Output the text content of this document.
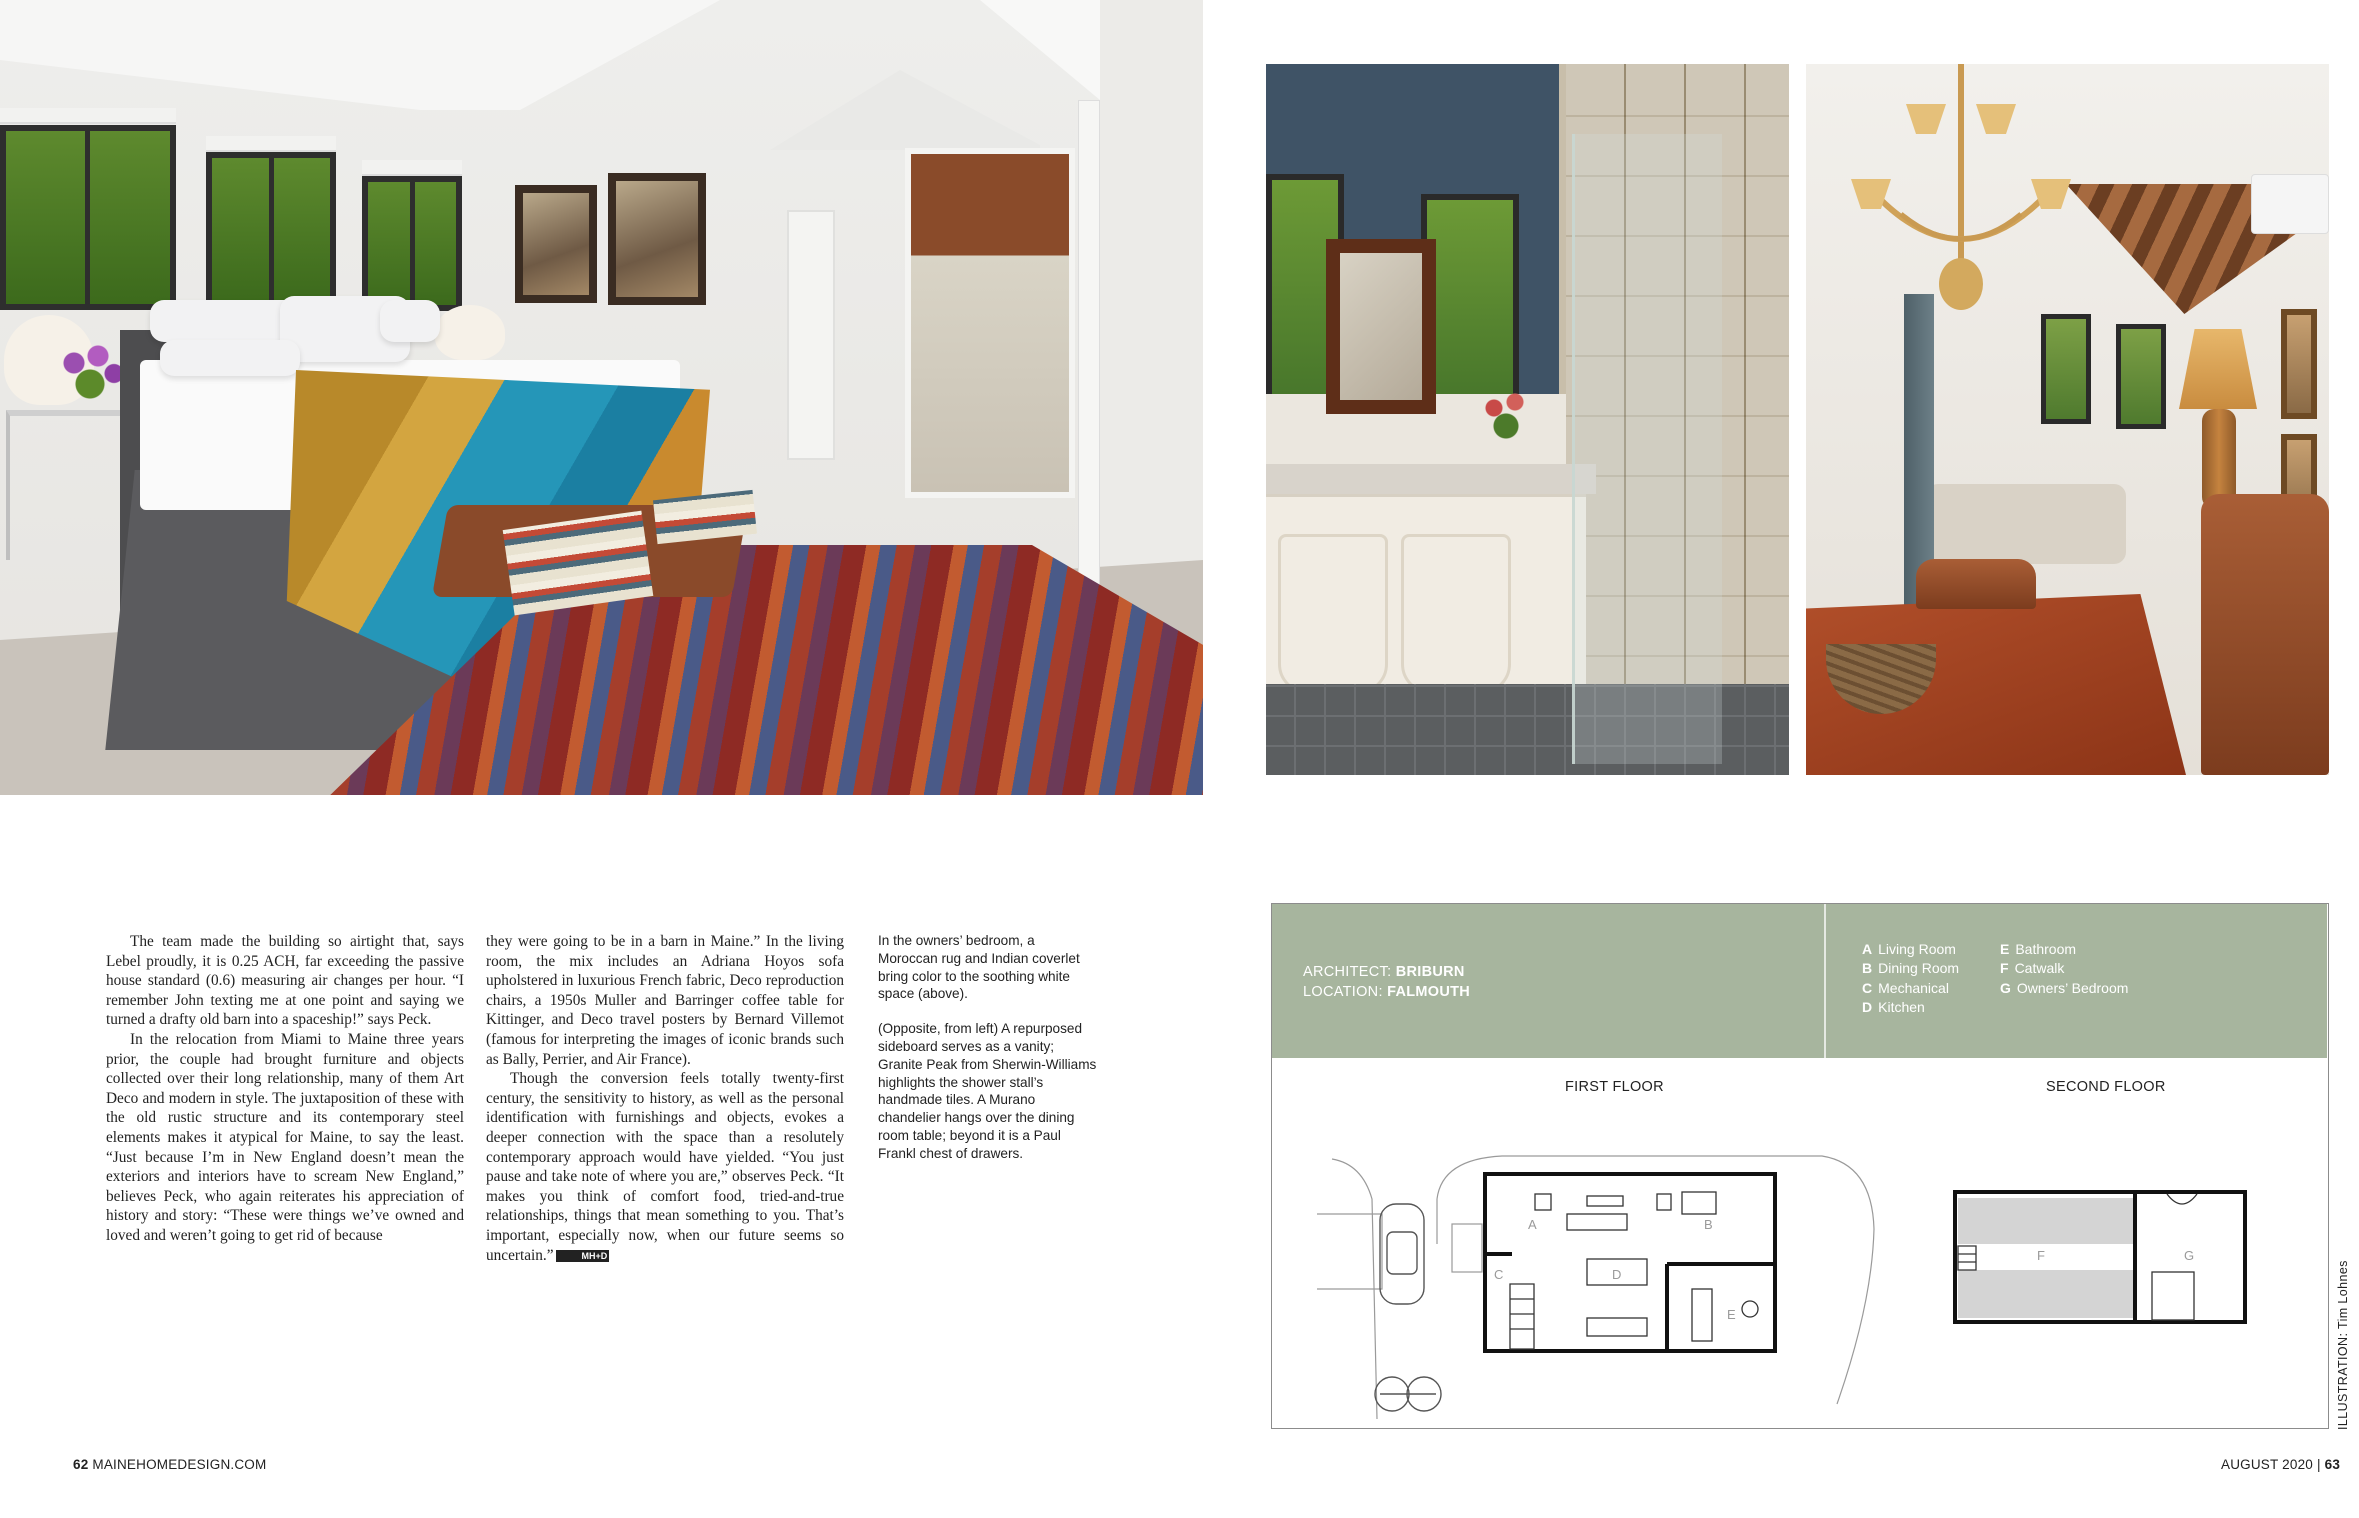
The team made the building so airtight that, says Lebel proudly, it is 0.25 ACH, far exceeding the passive house standard (0.6) measuring air changes per hour. “I remember John texting me at one point and saying we turned a drafty old barn into a spaceship!” says Peck.

In the relocation from Miami to Maine three years prior, the couple had brought furniture and objects collected over their long relationship, many of them Art Deco and modern in style. The juxtaposition of these with the old rustic structure and its contemporary steel elements makes it atypical for Maine, to say the least. “Just because I’m in New England doesn’t mean the exteriors and interiors have to scream New England,” believes Peck, who again reiterates his appreciation of history and story: “These were things we’ve owned and loved and weren’t going to get rid of because

they were going to be in a barn in Maine.” In the living room, the mix includes an Adriana Hoyos sofa upholstered in luxurious French fabric, Deco reproduction chairs, a 1950s Muller and Barringer coffee table for Kittinger, and Deco travel posters by Bernard Villemot (famous for interpreting the images of iconic brands such as Bally, Perrier, and Air France).

Though the conversion feels totally twenty-first century, the sensitivity to history, as well as the personal identification with furnishings and objects, evokes a deeper connection with the space than a resolutely contemporary approach would have yielded. “You just pause and take note of where you are,” observes Peck. “It makes you think of comfort food, tried-and-true relationships, things that mean something to you. That’s important, especially now, when our future seems so uncertain.”	MH+D

In the owners’ bedroom, a Moroccan rug and Indian coverlet bring color to the soothing white space (above).

(Opposite, from left) A repurposed sideboard serves as a vanity; Granite Peak from Sherwin-Williams highlights the shower stall’s handmade tiles. A Murano chandelier hangs over the dining room table; beyond it is a Paul Frankl chest of drawers.

ARCHITECT: BRIBURN
LOCATION: FALMOUTH
A Living Room
B Dining Room
C Mechanical
D Kitchen
E Bathroom
F Catwalk
G Owners’ Bedroom
FIRST FLOOR	SECOND FLOOR
A	B
C	D
E
F	G
ILLUSTRATION: Tim Lohnes
62 MAINEHOMEDESIGN.COM	AUGUST 2020 | 63
